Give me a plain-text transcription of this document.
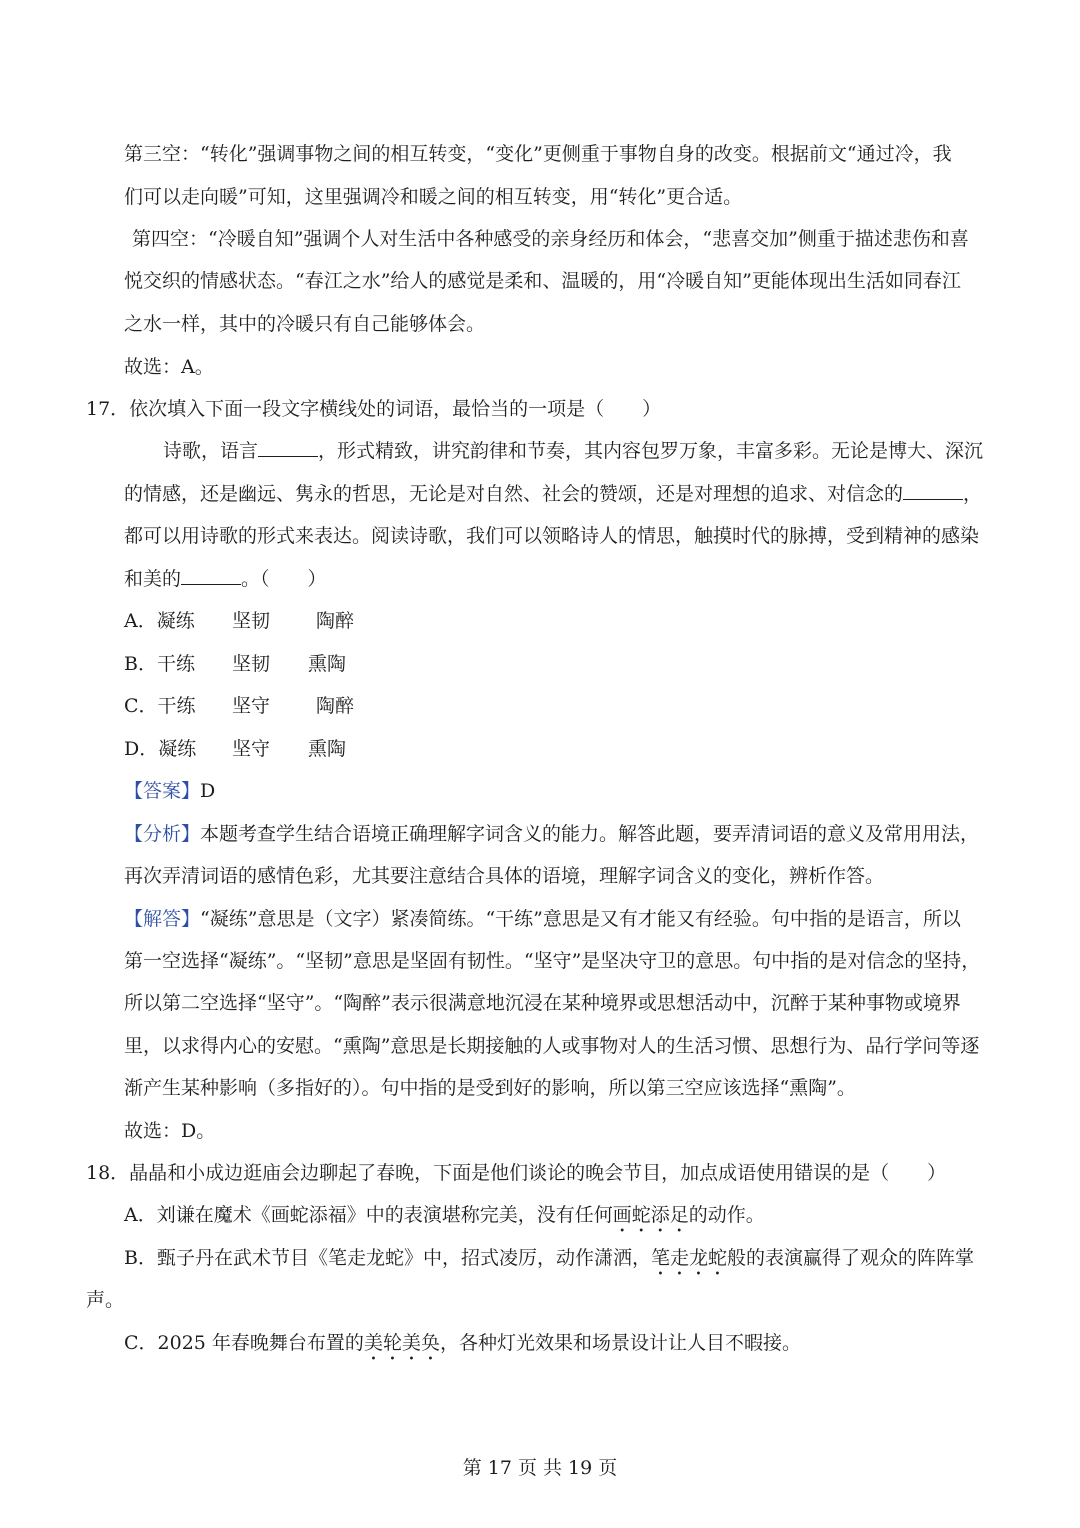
第三空：“转化”强调事物之间的相互转变，“变化”更侧重于事物自身的改变。根据前文“通过冷，我
们可以走向暖”可知，这里强调冷和暖之间的相互转变，用“转化”更合适。
第四空：“冷暖自知”强调个人对生活中各种感受的亲身经历和体会，“悲喜交加”侧重于描述悲伤和喜
悦交织的情感状态。“春江之水”给人的感觉是柔和、温暖的，用“冷暖自知”更能体现出生活如同春江
之水一样，其中的冷暖只有自己能够体会。
故选：A。
17．依次填入下面一段文字横线处的词语，最恰当的一项是（　　）
诗歌，语言	，形式精致，讲究韵律和节奏，其内容包罗万象，丰富多彩。无论是博大、深沉
的情感，还是幽远、隽永的哲思，无论是对自然、社会的赞颂，还是对理想的追求、对信念的	，
都可以用诗歌的形式来表达。阅读诗歌，我们可以领略诗人的情思，触摸时代的脉搏，受到精神的感染
和美的	。（　　）
A．凝练 坚韧 陶醉
B．干练 坚韧 熏陶
C．干练 坚守 陶醉
D．凝练 坚守 熏陶
【答案】D
【分析】本题考查学生结合语境正确理解字词含义的能力。解答此题，要弄清词语的意义及常用用法，
再次弄清词语的感情色彩，尤其要注意结合具体的语境，理解字词含义的变化，辨析作答。
【解答】“凝练”意思是（文字）紧凑简练。“干练”意思是又有才能又有经验。句中指的是语言，所以
第一空选择“凝练”。“坚韧”意思是坚固有韧性。“坚守”是坚决守卫的意思。句中指的是对信念的坚持，
所以第二空选择“坚守”。“陶醉”表示很满意地沉浸在某种境界或思想活动中，沉醉于某种事物或境界
里，以求得内心的安慰。“熏陶”意思是长期接触的人或事物对人的生活习惯、思想行为、品行学问等逐
渐产生某种影响（多指好的）。句中指的是受到好的影响，所以第三空应该选择“熏陶”。
故选：D。
18．晶晶和小成边逛庙会边聊起了春晚，下面是他们谈论的晚会节目，加点成语使用错误的是（　　）
A．刘谦在魔术《画蛇添福》中的表演堪称完美，没有任何画蛇添足的动作。
B．甄子丹在武术节目《笔走龙蛇》中，招式凌厉，动作潇洒，笔走龙蛇般的表演赢得了观众的阵阵掌
声。
C．2025 年春晚舞台布置的美轮美奂，各种灯光效果和场景设计让人目不暇接。
第 17 页 共 19 页
